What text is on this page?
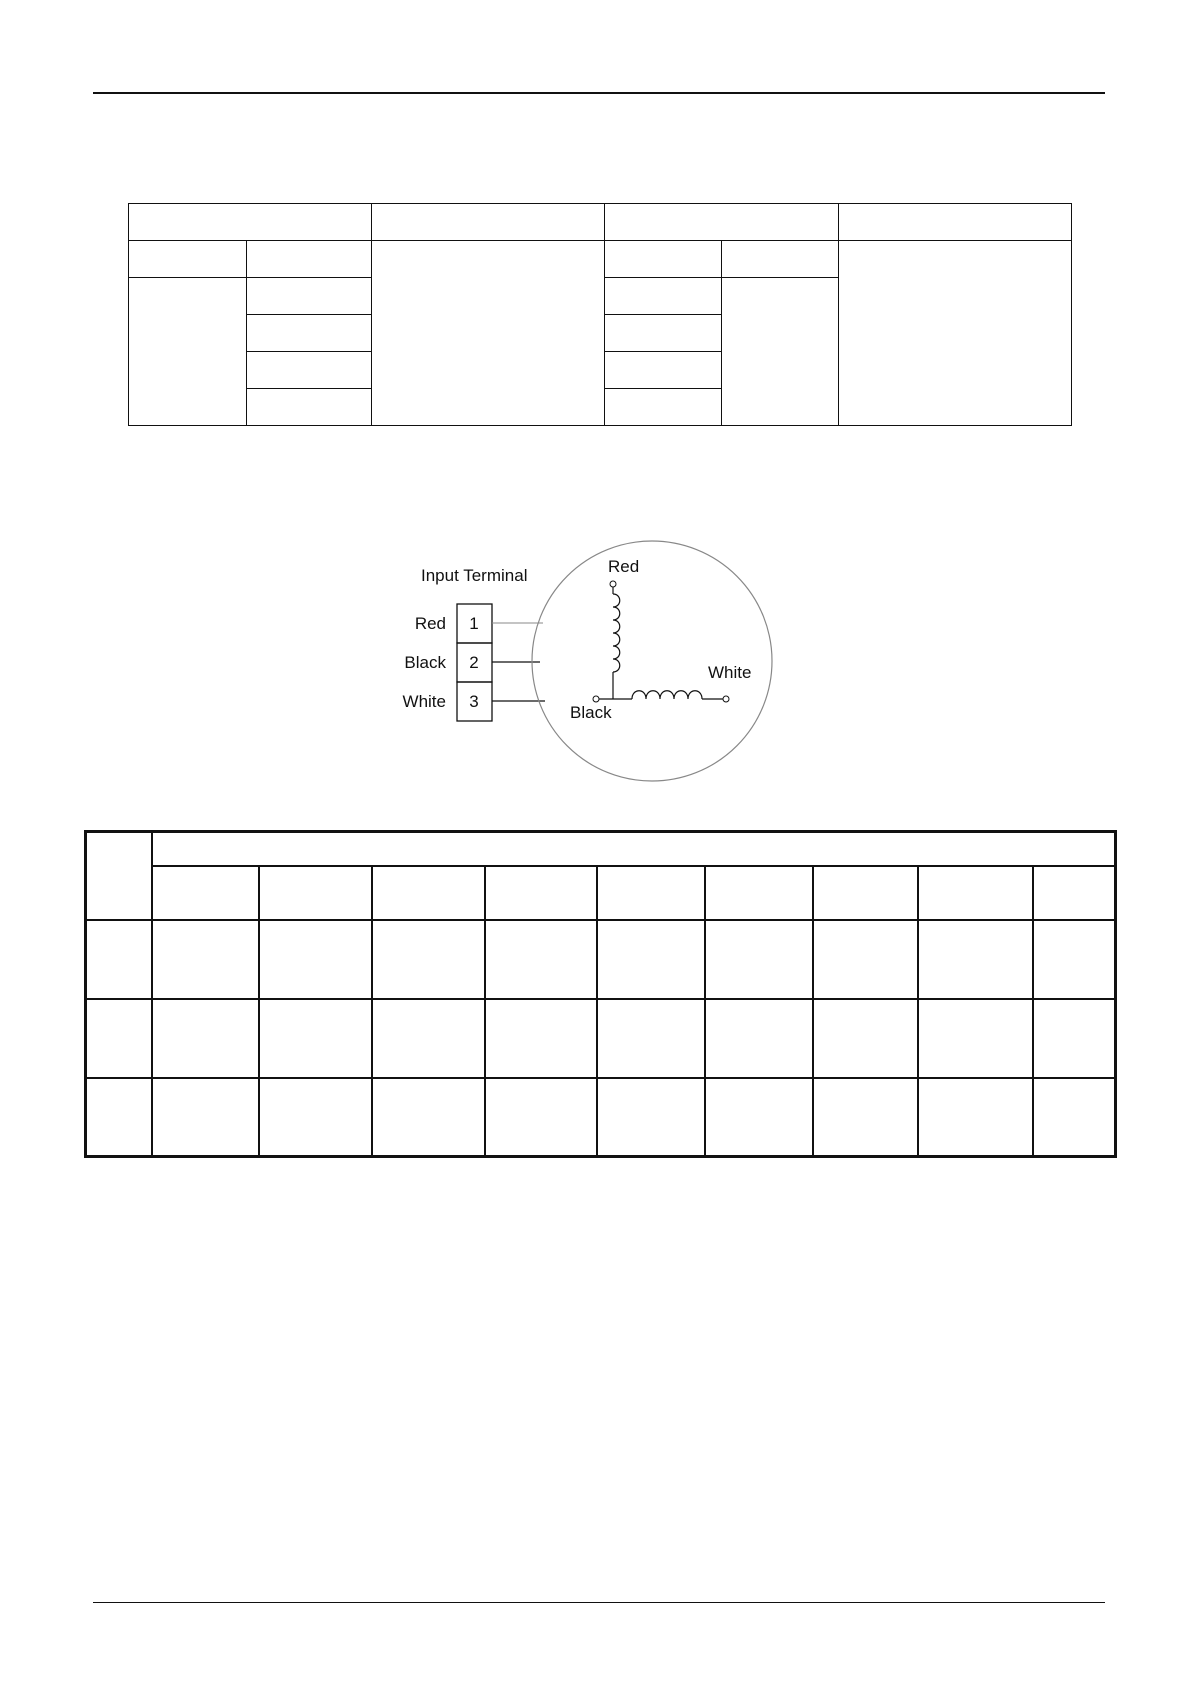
Input Terminal
1
2
3
Red
Black
White
Red
White
Black
